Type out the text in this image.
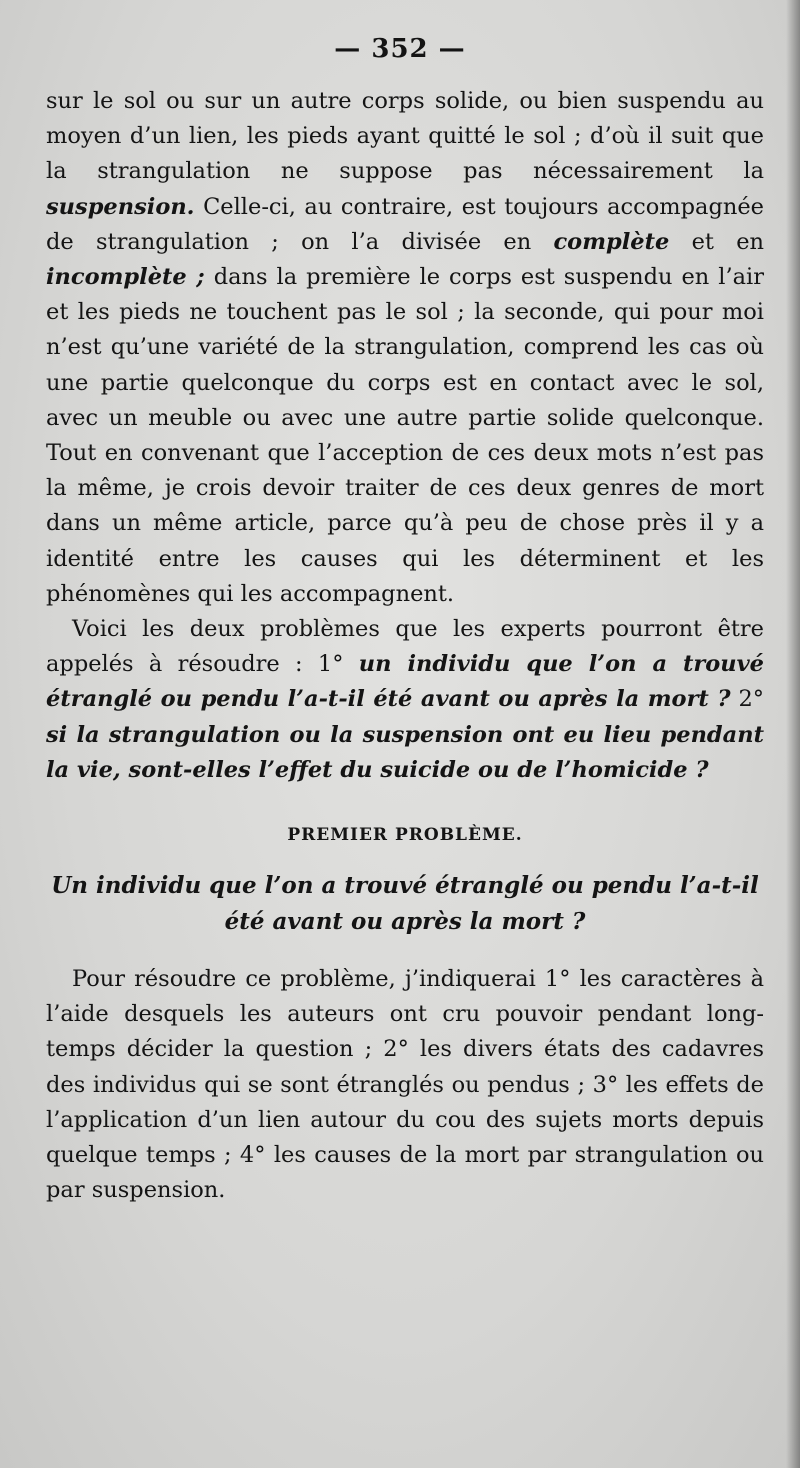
— 352 —

sur le sol ou sur un autre corps solide, ou bien suspendu au moyen d’un lien, les pieds ayant quitté le sol ; d’où il suit que la strangulation ne suppose pas nécessairement la suspension. Celle-ci, au contraire, est toujours accompagnée de strangulation ; on l’a divisée en complète et en incomplète ; dans la première le corps est suspendu en l’air et les pieds ne touchent pas le sol ; la seconde, qui pour moi n’est qu’une variété de la strangulation, comprend les cas où une partie quelconque du corps est en contact avec le sol, avec un meuble ou avec une autre partie solide quelconque. Tout en convenant que l’acception de ces deux mots n’est pas la même, je crois devoir traiter de ces deux genres de mort dans un même article, parce qu’à peu de chose près il y a identité entre les causes qui les déterminent et les phénomènes qui les accompagnent.

Voici les deux problèmes que les experts pourront être appelés à résoudre : 1° un individu que l’on a trouvé étranglé ou pendu l’a-t-il été avant ou après la mort ? 2° si la strangulation ou la suspension ont eu lieu pendant la vie, sont-elles l’effet du suicide ou de l’homicide ?

PREMIER PROBLÈME.

Un individu que l’on a trouvé étranglé ou pendu l’a-t-il été avant ou après la mort ?

Pour résoudre ce problème, j’indiquerai 1° les caractères à l’aide desquels les auteurs ont cru pouvoir pendant long-temps décider la question ; 2° les divers états des cadavres des individus qui se sont étranglés ou pendus ; 3° les effets de l’application d’un lien autour du cou des sujets morts depuis quelque temps ; 4° les causes de la mort par strangulation ou par suspension.
